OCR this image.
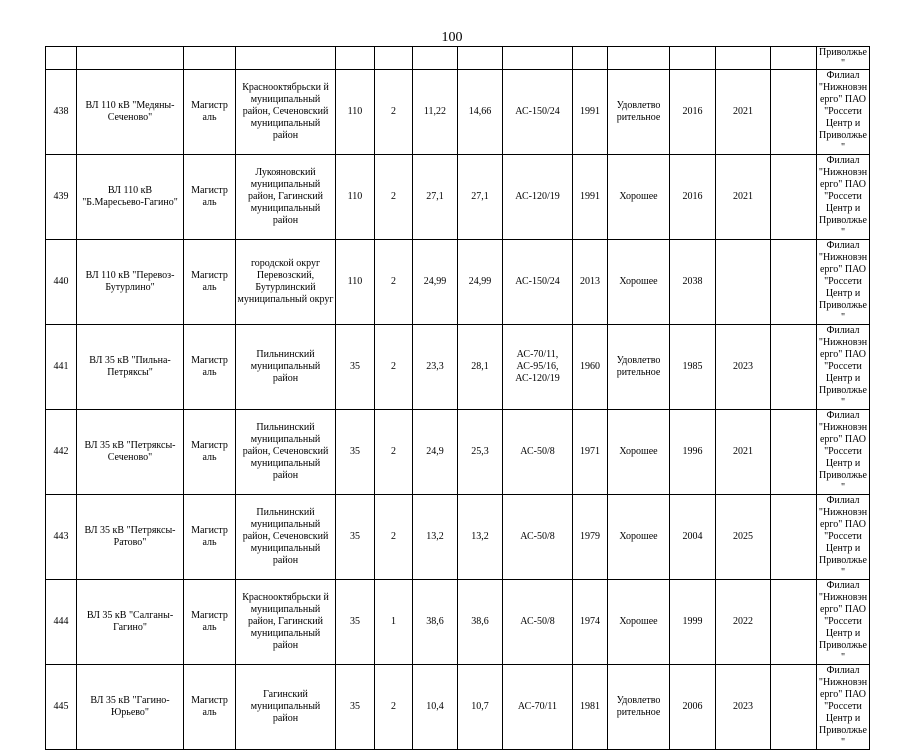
100
														Приволжье"
438	ВЛ 110 кВ "Медяны-Сеченово"	Магистр аль	Краснооктябрьски й муниципальный район, Сеченовский муниципальный район	110	2	11,22	14,66	АС-150/24	1991	Удовлетво рительное	2016	2021		Филиал "Нижновэнерго" ПАО "Россети Центр и Приволжье"
439	ВЛ 110 кВ "Б.Маресьево-Гагино"	Магистр аль	Лукояновский муниципальный район, Гагинский муниципальный район	110	2	27,1	27,1	АС-120/19	1991	Хорошее	2016	2021		Филиал "Нижновэнерго" ПАО "Россети Центр и Приволжье"
440	ВЛ 110 кВ "Перевоз-Бутурлино"	Магистр аль	городской округ Перевозский, Бутурлинский муниципальный округ	110	2	24,99	24,99	АС-150/24	2013	Хорошее	2038			Филиал "Нижновэнерго" ПАО "Россети Центр и Приволжье"
441	ВЛ 35 кВ "Пильна-Петряксы"	Магистр аль	Пильнинский муниципальный район	35	2	23,3	28,1	АС-70/11, АС-95/16, АС-120/19	1960	Удовлетво рительное	1985	2023		Филиал "Нижновэнерго" ПАО "Россети Центр и Приволжье"
442	ВЛ 35 кВ "Петряксы-Сеченово"	Магистр аль	Пильнинский муниципальный район, Сеченовский муниципальный район	35	2	24,9	25,3	АС-50/8	1971	Хорошее	1996	2021		Филиал "Нижновэнерго" ПАО "Россети Центр и Приволжье"
443	ВЛ 35 кВ "Петряксы-Ратово"	Магистр аль	Пильнинский муниципальный район, Сеченовский муниципальный район	35	2	13,2	13,2	АС-50/8	1979	Хорошее	2004	2025		Филиал "Нижновэнерго" ПАО "Россети Центр и Приволжье"
444	ВЛ 35 кВ "Салганы-Гагино"	Магистр аль	Краснооктябрьски й муниципальный район, Гагинский муниципальный район	35	1	38,6	38,6	АС-50/8	1974	Хорошее	1999	2022		Филиал "Нижновэнерго" ПАО "Россети Центр и Приволжье"
445	ВЛ 35 кВ "Гагино-Юрьево"	Магистр аль	Гагинский муниципальный район	35	2	10,4	10,7	АС-70/11	1981	Удовлетво рительное	2006	2023		Филиал "Нижновэнерго" ПАО "Россети Центр и Приволжье"
